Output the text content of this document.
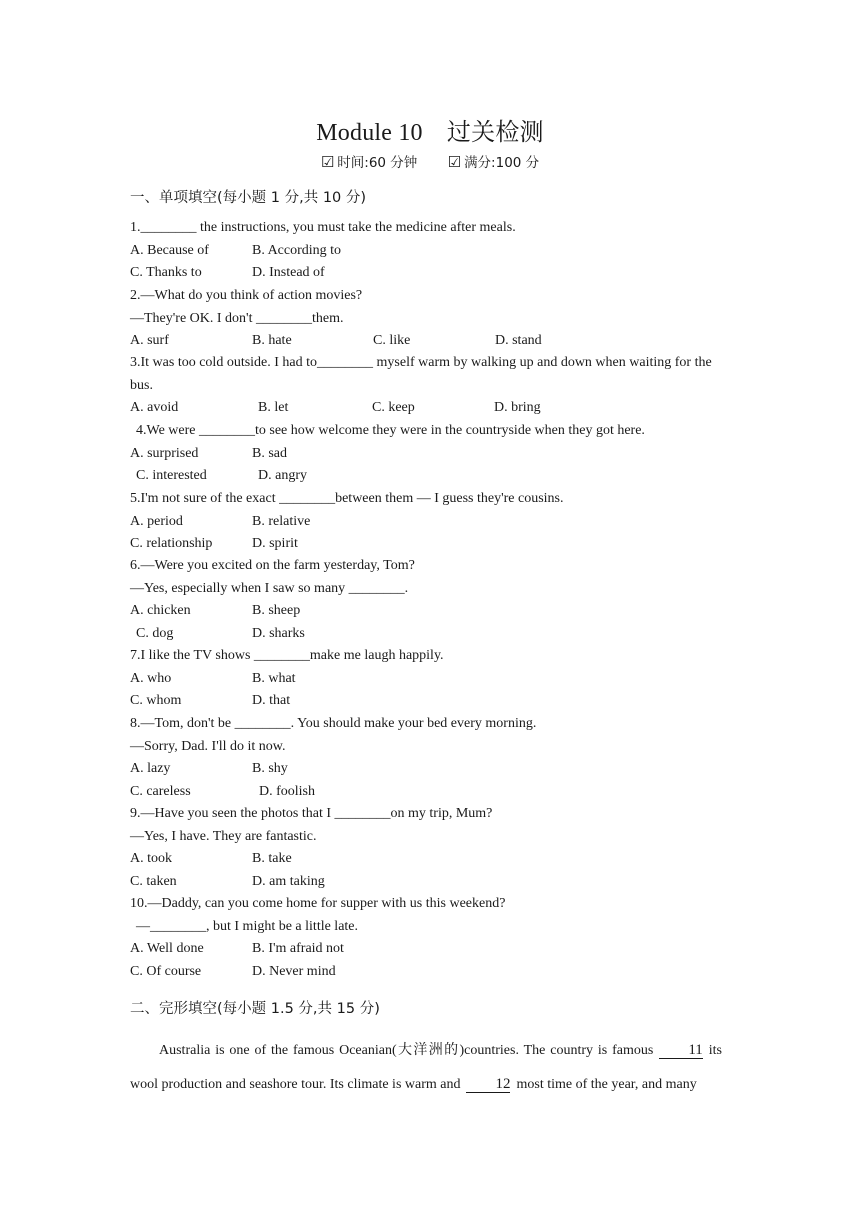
Module 10　过关检测
☑ 时间:60 分钟 ☑ 满分:100 分
一、单项填空(每小题 1 分,共 10 分)
1.________ the instructions, you must take the medicine after meals.
A. Because of	B. According to
C. Thanks to	D. Instead of
2.—What do you think of action movies?
—They're OK. I don't ________them.
A. surf	B. hate	C. like	D. stand
3.It was too cold outside. I had to________ myself warm by walking up and down when waiting for the bus.
A. avoid	B. let	C. keep	D. bring
4.We were ________to see how welcome they were in the countryside when they got here.
A. surprised	B. sad
C. interested	D. angry
5.I'm not sure of the exact ________between them — I guess they're cousins.
A. period	B. relative
C. relationship	D. spirit
6.—Were you excited on the farm yesterday, Tom?
—Yes, especially when I saw so many ________.
A. chicken	B. sheep
C. dog	D. sharks
7.I like the TV shows ________make me laugh happily.
A. who	B. what
C. whom	D. that
8.—Tom, don't be ________. You should make your bed every morning.
—Sorry, Dad. I'll do it now.
A. lazy	B. shy
C. careless	D. foolish
9.—Have you seen the photos that I ________on my trip, Mum?
—Yes, I have. They are fantastic.
A. took	B. take
C. taken	D. am taking
10.—Daddy, can you come home for supper with us this weekend?
—________, but I might be a little late.
A. Well done	B. I'm afraid not
C. Of course	D. Never mind
二、完形填空(每小题 1.5 分,共 15 分)

Australia is one of the famous Oceanian(大洋洲的)countries. The country is famous 11 its wool production and seashore tour. Its climate is warm and 12 most time of the year, and many
